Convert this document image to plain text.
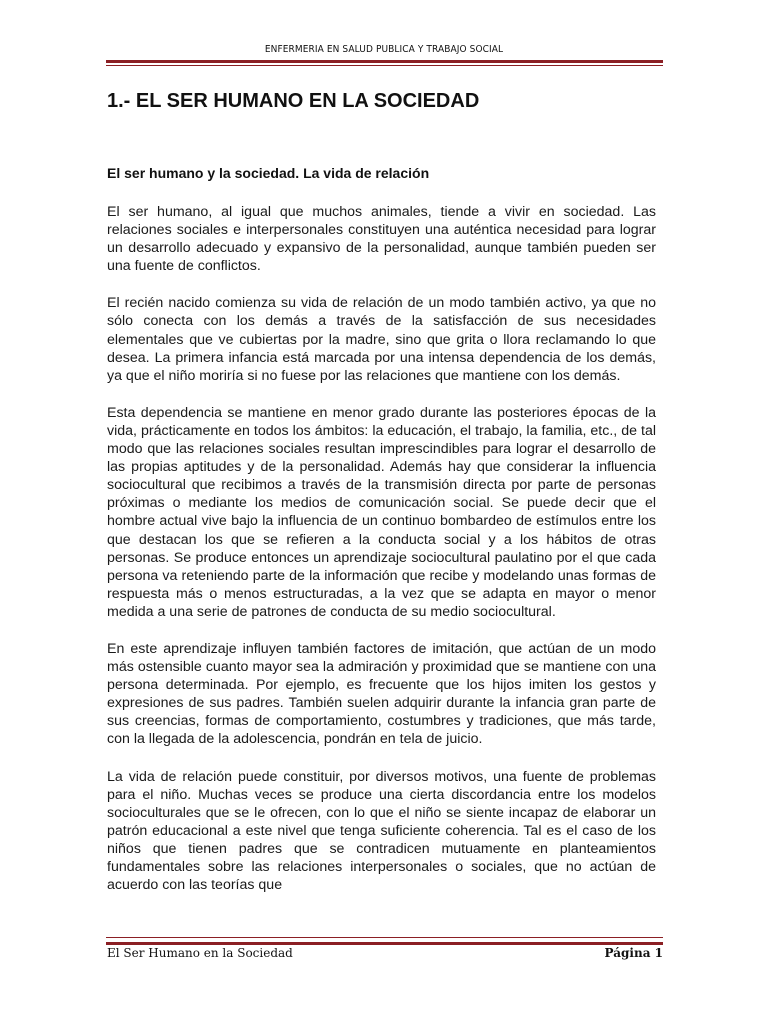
ENFERMERIA EN SALUD PUBLICA Y TRABAJO SOCIAL
1.- EL SER HUMANO EN LA SOCIEDAD
El ser humano y la sociedad. La vida de relación

El ser humano, al igual que muchos animales, tiende a vivir en sociedad. Las relaciones sociales e interpersonales constituyen una auténtica necesidad para lograr un desarrollo adecuado y expansivo de la personalidad, aunque también pueden ser una fuente de conflictos.

El recién nacido comienza su vida de relación de un modo también activo, ya que no sólo conecta con los demás a través de la satisfacción de sus necesidades elementales que ve cubiertas por la madre, sino que grita o llora reclamando lo que desea. La primera infancia está marcada por una intensa dependencia de los demás, ya que el niño moriría si no fuese por las relaciones que mantiene con los demás.

Esta dependencia se mantiene en menor grado durante las posteriores épocas de la vida, prácticamente en todos los ámbitos: la educación, el trabajo, la familia, etc., de tal modo que las relaciones sociales resultan imprescindibles para lograr el desarrollo de las propias aptitudes y de la personalidad. Además hay que considerar la influencia sociocultural que recibimos a través de la transmisión directa por parte de personas próximas o mediante los medios de comunicación social. Se puede decir que el hombre actual vive bajo la influencia de un continuo bombardeo de estímulos entre los que destacan los que se refieren a la conducta social y a los hábitos de otras personas. Se produce entonces un aprendizaje sociocultural paulatino por el que cada persona va reteniendo parte de la información que recibe y modelando unas formas de respuesta más o menos estructuradas, a la vez que se adapta en mayor o menor medida a una serie de patrones de conducta de su medio sociocultural.

En este aprendizaje influyen también factores de imitación, que actúan de un modo más ostensible cuanto mayor sea la admiración y proximidad que se mantiene con una persona determinada. Por ejemplo, es frecuente que los hijos imiten los gestos y expresiones de sus padres. También suelen adquirir durante la infancia gran parte de sus creencias, formas de comportamiento, costumbres y tradiciones, que más tarde, con la llegada de la adolescencia, pondrán en tela de juicio.

La vida de relación puede constituir, por diversos motivos, una fuente de problemas para el niño. Muchas veces se produce una cierta discordancia entre los modelos socioculturales que se le ofrecen, con lo que el niño se siente incapaz de elaborar un patrón educacional a este nivel que tenga suficiente coherencia. Tal es el caso de los niños que tienen padres que se contradicen mutuamente en planteamientos fundamentales sobre las relaciones interpersonales o sociales, que no actúan de acuerdo con las teorías que

El Ser Humano en la Sociedad	Página 1
